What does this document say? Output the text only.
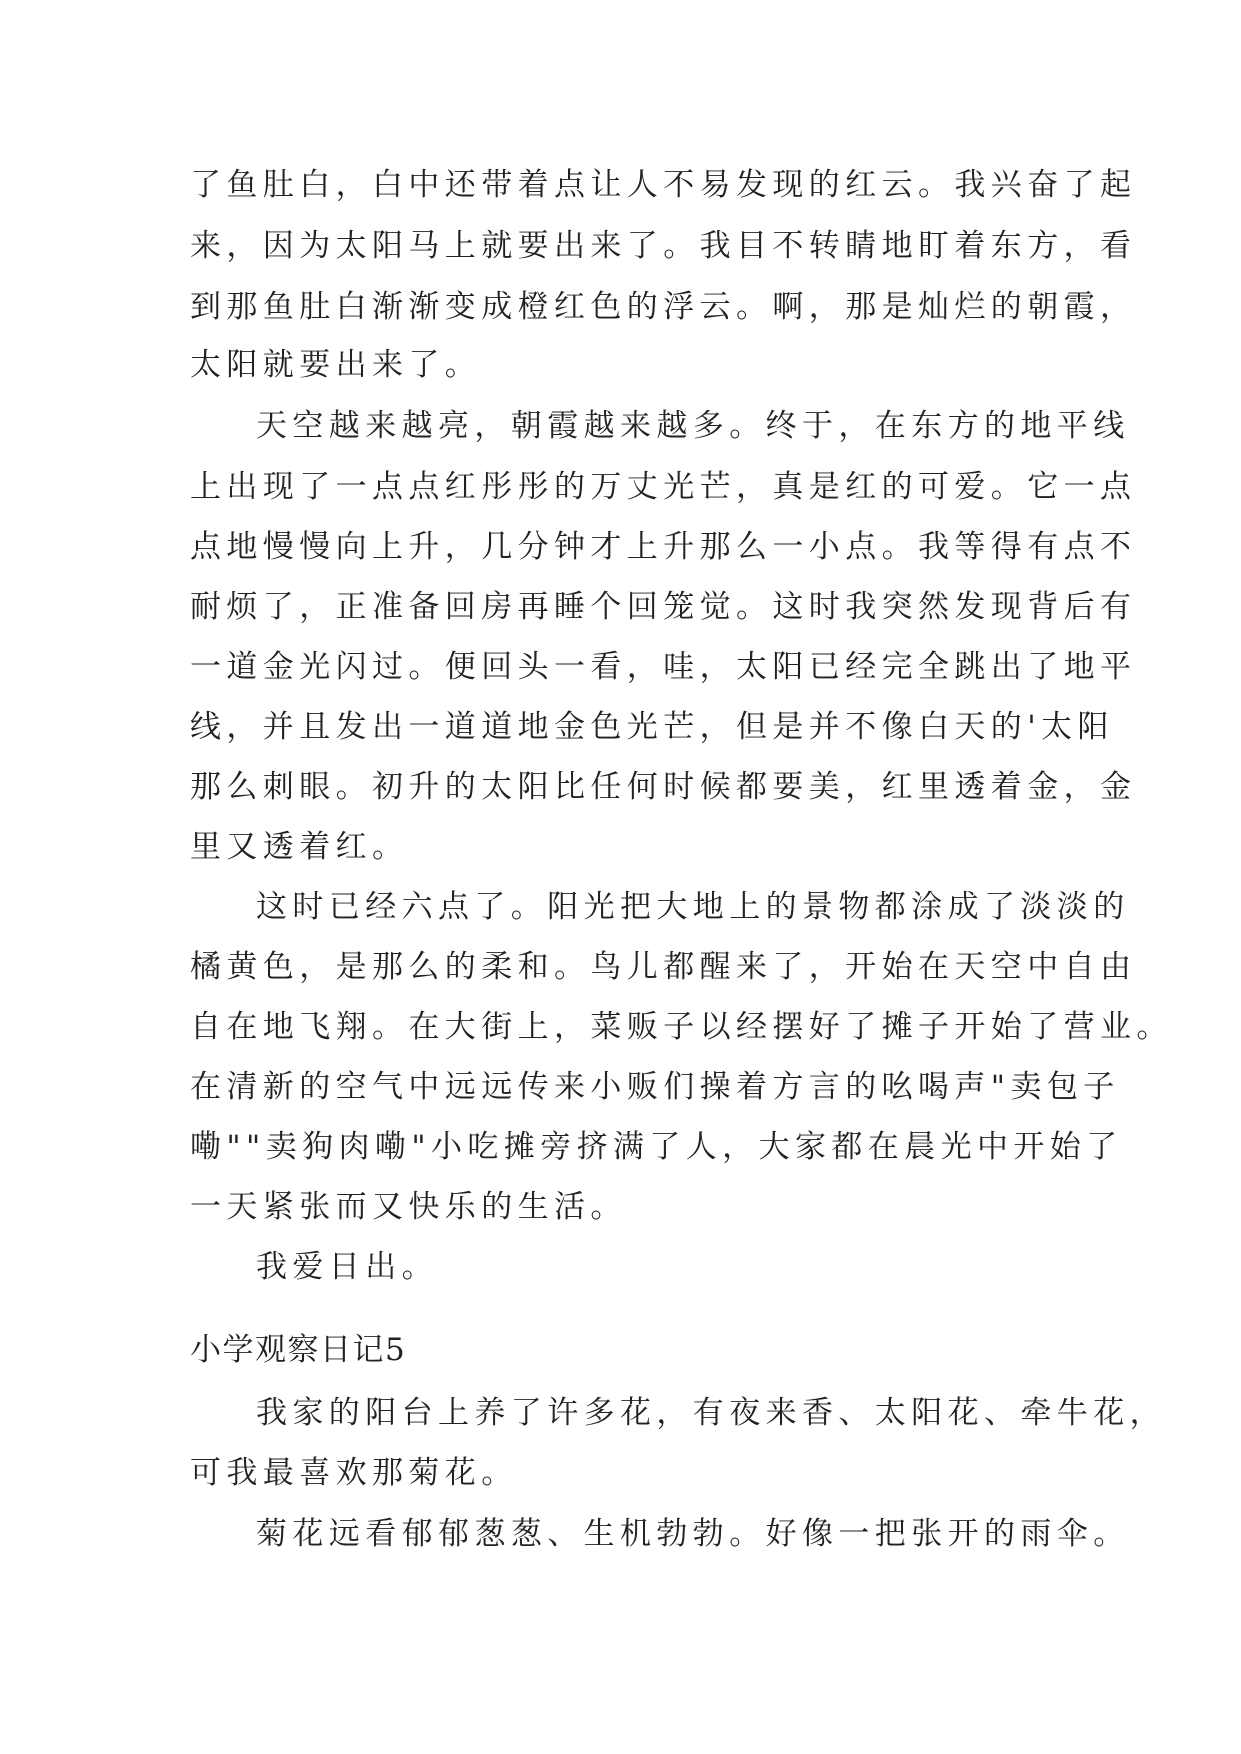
了鱼肚白，白中还带着点让人不易发现的红云。我兴奋了起

来，因为太阳马上就要出来了。我目不转睛地盯着东方，看

到那鱼肚白渐渐变成橙红色的浮云。啊，那是灿烂的朝霞，

太阳就要出来了。

天空越来越亮，朝霞越来越多。终于，在东方的地平线

上出现了一点点红彤彤的万丈光芒，真是红的可爱。它一点

点地慢慢向上升，几分钟才上升那么一小点。我等得有点不

耐烦了，正准备回房再睡个回笼觉。这时我突然发现背后有

一道金光闪过。便回头一看，哇，太阳已经完全跳出了地平

线，并且发出一道道地金色光芒，但是并不像白天的'太阳

那么刺眼。初升的太阳比任何时候都要美，红里透着金，金

里又透着红。

这时已经六点了。阳光把大地上的景物都涂成了淡淡的

橘黄色，是那么的柔和。鸟儿都醒来了，开始在天空中自由

自在地飞翔。在大街上，菜贩子以经摆好了摊子开始了营业。

在清新的空气中远远传来小贩们操着方言的吆喝声"卖包子

嘞""卖狗肉嘞"小吃摊旁挤满了人，大家都在晨光中开始了

一天紧张而又快乐的生活。

我爱日出。

小学观察日记5

我家的阳台上养了许多花，有夜来香、太阳花、牵牛花，

可我最喜欢那菊花。

菊花远看郁郁葱葱、生机勃勃。好像一把张开的雨伞。
